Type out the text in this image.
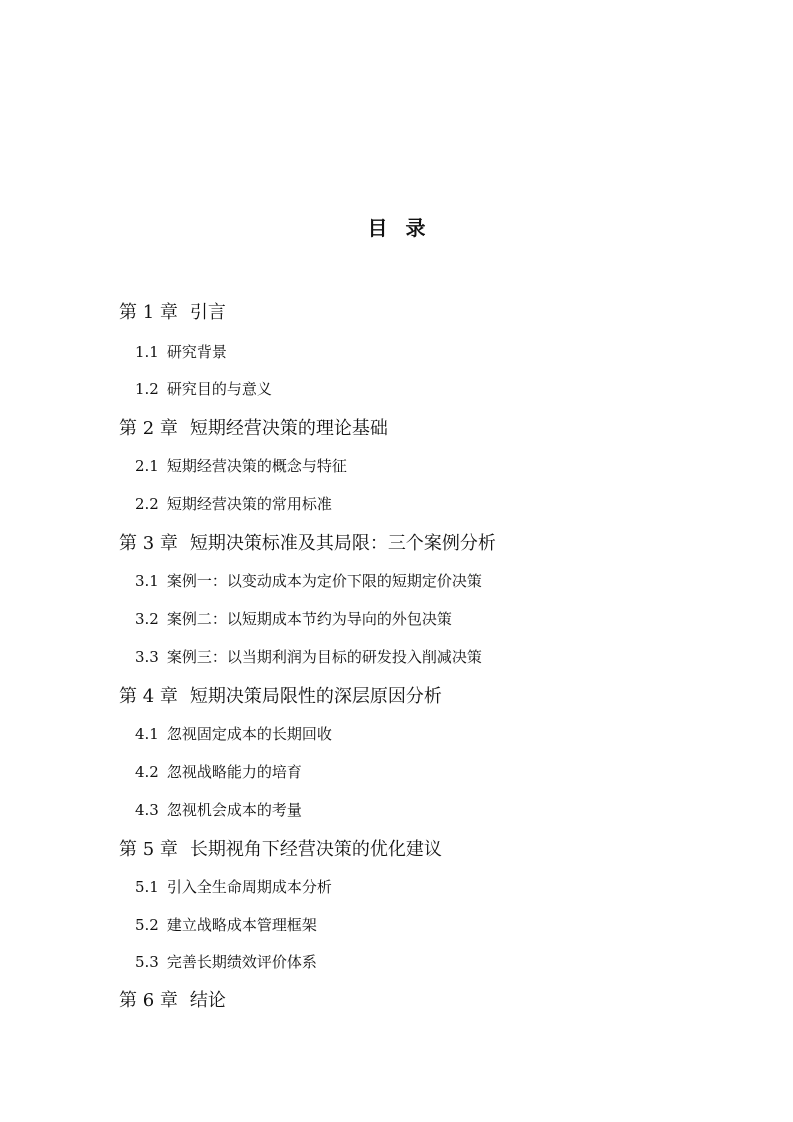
目录
第 1 章 引言
1.1 研究背景
1.2 研究目的与意义
第 2 章 短期经营决策的理论基础
2.1 短期经营决策的概念与特征
2.2 短期经营决策的常用标准
第 3 章 短期决策标准及其局限：三个案例分析
3.1 案例一：以变动成本为定价下限的短期定价决策
3.2 案例二：以短期成本节约为导向的外包决策
3.3 案例三：以当期利润为目标的研发投入削减决策
第 4 章 短期决策局限性的深层原因分析
4.1 忽视固定成本的长期回收
4.2 忽视战略能力的培育
4.3 忽视机会成本的考量
第 5 章 长期视角下经营决策的优化建议
5.1 引入全生命周期成本分析
5.2 建立战略成本管理框架
5.3 完善长期绩效评价体系
第 6 章 结论
